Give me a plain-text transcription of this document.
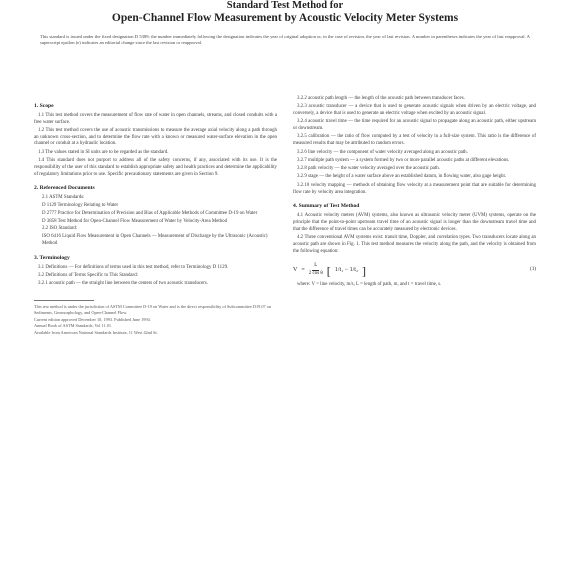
Standard Test Method for
Open-Channel Flow Measurement by Acoustic Velocity Meter Systems
This standard is issued under the fixed designation D 5389; the number immediately following the designation indicates the year of original adoption or, in the case of revision, the year of last revision. A number in parentheses indicates the year of last reapproval. A superscript epsilon (e) indicates an editorial change since the last revision or reapproval.
1. Scope
1.1 This test method covers the measurement of flow rate of water in open channels, streams, and closed conduits with a free water surface.
1.2 This test method covers the use of acoustic transmissions to measure the average axial velocity along a path through an unknown cross-section, and to determine the flow rate with a known or measured water-surface elevation in the open channel or conduit at a hydraulic location.
1.3 The values stated in SI units are to be regarded as the standard.
1.4 This standard does not purport to address all of the safety concerns, if any, associated with its use. It is the responsibility of the user of this standard to establish appropriate safety and health practices and determine the applicability of regulatory limitations prior to use. Specific precautionary statements are given in Section 9.
2. Referenced Documents
2.1 ASTM Standards:
D 1129 Terminology Relating to Water
D 2777 Practice for Determination of Precision and Bias of Applicable Methods of Committee D-19 on Water
D 3858 Test Method for Open-Channel Flow Measurement of Water by Velocity-Area Method
2.2 ISO Standard:
ISO 6416 Liquid Flow Measurement in Open Channels — Measurement of Discharge by the Ultrasonic (Acoustic) Method
3. Terminology
3.1 Definitions — For definitions of terms used in this test method, refer to Terminology D 1129.
3.2 Definitions of Terms Specific to This Standard:
3.2.1 acoustic path — the straight line between the centers of two acoustic transducers.
This test method is under the jurisdiction of ASTM Committee D-19 on Water and is the direct responsibility of Subcommittee D19.07 on Sediments, Geomorphology, and Open-Channel Flow.
Current edition approved December 10, 1993. Published June 1994.
Annual Book of ASTM Standards, Vol 11.01.
Available from American National Standards Institute, 11 West 42nd St.
3.2.2 acoustic path length — the length of the acoustic path between transducer faces.
3.2.3 acoustic transducer — a device that is used to generate acoustic signals when driven by an electric voltage, and conversely, a device that is used to generate an electric voltage when excited by an acoustic signal.
3.2.4 acoustic travel time — the time required for an acoustic signal to propagate along an acoustic path, either upstream or downstream.
3.2.5 calibration — the ratio of flow computed by a test of velocity in a full-size system. This ratio is the difference of measured results that may be attributed to random errors.
3.2.6 line velocity — the component of water velocity averaged along an acoustic path.
3.2.7 multiple path system — a system formed by two or more parallel acoustic paths at different elevations.
3.2.8 path velocity — the water velocity averaged over the acoustic path.
3.2.9 stage — the height of a water surface above an established datum, in flowing water, also gage height.
3.2.10 velocity mapping — methods of obtaining flow velocity at a measurement point that are suitable for determining flow rate by velocity area integration.
4. Summary of Test Method
4.1 Acoustic velocity meters (AVM) systems, also known as ultrasonic velocity meter (UVM) systems, operate on the principle that the point-to-point upstream travel time of an acoustic signal is longer than the downstream travel time and that the difference of travel times can be accurately measured by electronic devices.
4.2 Three conventional AVM systems exist: transit time, Doppler, and correlation types. Two transducers locate along an acoustic path are shown in Fig. 1. This test method measures the velocity along the path, and the velocity is obtained from the following equation:
$V = \frac{L}{\text{2 cos θ}}$ [ 1/t₁ − 1/t₂ ]	(1)
where: V = line velocity, m/s, L = length of path, m, and t = travel time, s.
